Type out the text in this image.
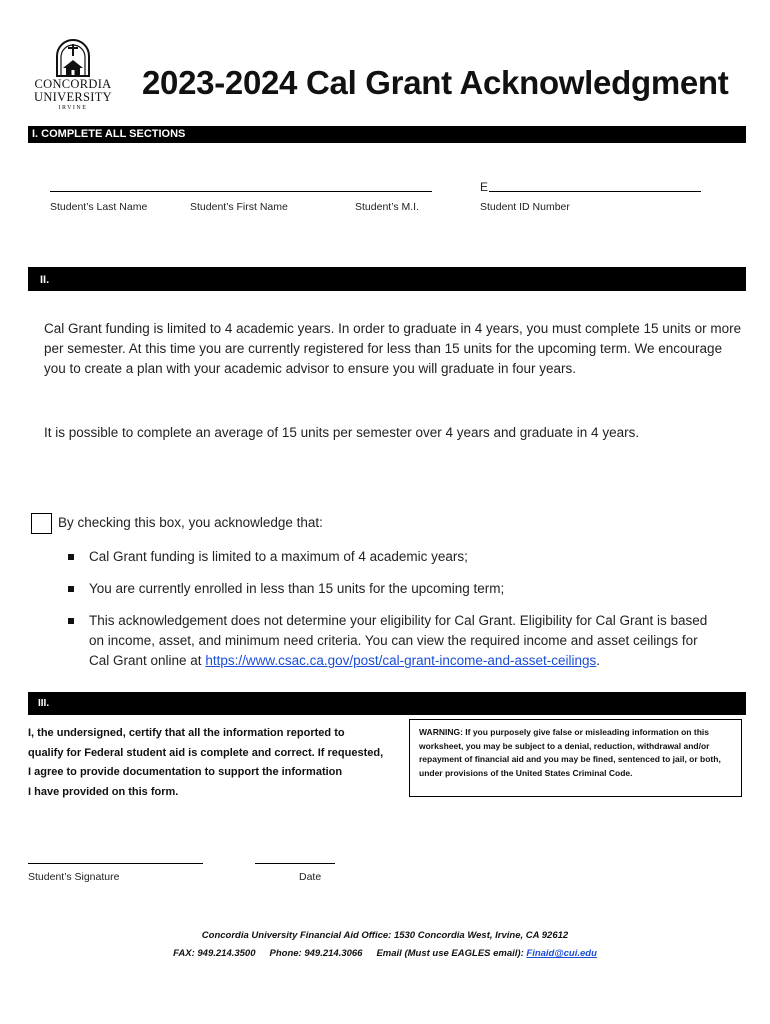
CONCORDIA
UNIVERSITY
IRVINE
2023-2024 Cal Grant Acknowledgment
I. COMPLETE ALL SECTIONS
E
Student’s Last Name	Student’s First Name	Student’s M.I.	Student ID Number
II.
Cal Grant funding is limited to 4 academic years. In order to graduate in 4 years, you must complete 15 units or more per semester. At this time you are currently registered for less than 15 units for the upcoming term. We encourage you to create a plan with your academic advisor to ensure you will graduate in four years.
It is possible to complete an average of 15 units per semester over 4 years and graduate in 4 years.
By checking this box, you acknowledge that:
Cal Grant funding is limited to a maximum of 4 academic years;
You are currently enrolled in less than 15 units for the upcoming term;
This acknowledgement does not determine your eligibility for Cal Grant. Eligibility for Cal Grant is based on income, asset, and minimum need criteria. You can view the required income and asset ceilings for Cal Grant online at https://www.csac.ca.gov/post/cal-grant-income-and-asset-ceilings.
III.
I, the undersigned, certify that all the information reported to
qualify for Federal student aid is complete and correct. If requested,
I agree to provide documentation to support the information
I have provided on this form.
WARNING: If you purposely give false or misleading information on this worksheet, you may be subject to a denial, reduction, withdrawal and/or repayment of financial aid and you may be fined, sentenced to jail, or both, under provisions of the United States Criminal Code.
Student’s Signature	Date
Concordia University Financial Aid Office: 1530 Concordia West, Irvine, CA 92612
FAX: 949.214.3500 Phone: 949.214.3066 Email (Must use EAGLES email): Finaid@cui.edu
